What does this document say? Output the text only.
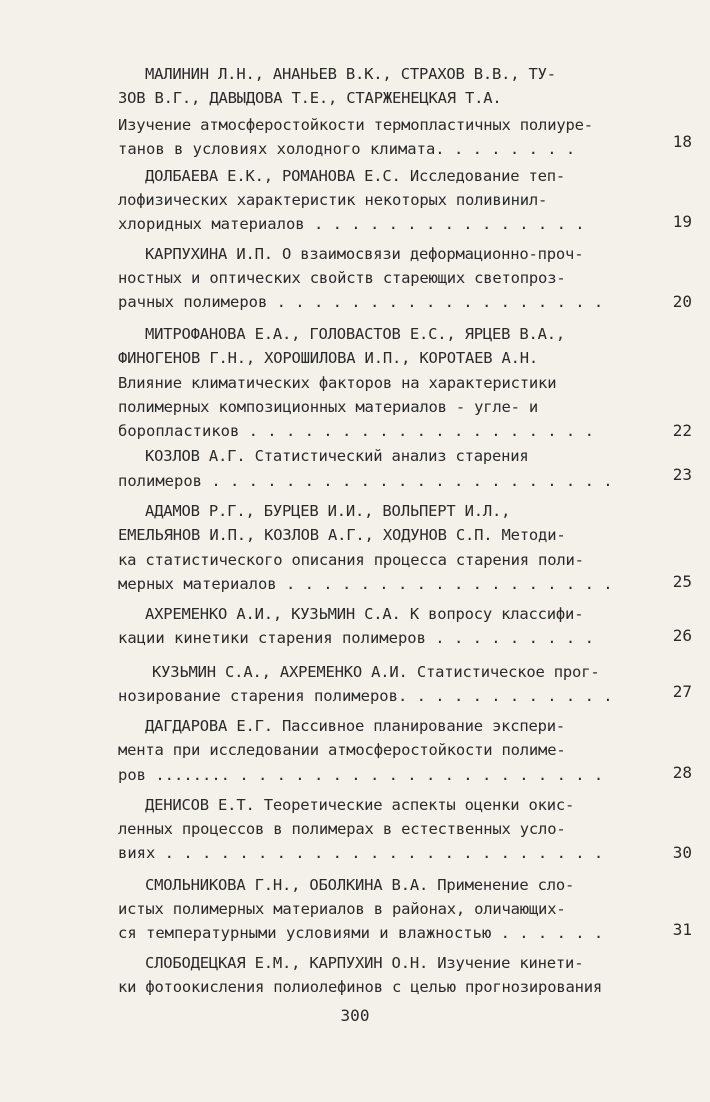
МАЛИНИН Л.Н., АНАНЬЕВ В.К., СТРАХОВ В.В., ТУ-
ЗОВ В.Г., ДАВЫДОВА Т.Е., СТАРЖЕНЕЦКАЯ Т.А.
Изучение атмосферостойкости термопластичных полиуре-
танов в условиях холодного климата. . . . . . . .	18
ДОЛБАЕВА Е.К., РОМАНОВА Е.С. Исследование теп-
лофизических характеристик некоторых поливинил-
хлоридных материалов . . . . . . . . . . . . . . .	19
КАРПУХИНА И.П. О взаимосвязи деформационно-проч-
ностных и оптических свойств стареющих светопроз-
рачных полимеров . . . . . . . . . . . . . . . . . .	20
МИТРОФАНОВА Е.А., ГОЛОВАСТОВ Е.С., ЯРЦЕВ В.А.,
ФИНОГЕНОВ Г.Н., ХОРОШИЛОВА И.П., КОРОТАЕВ А.Н.
Влияние климатических факторов на характеристики
полимерных композиционных материалов - угле- и
боропластиков . . . . . . . . . . . . . . . . . . .	22
КОЗЛОВ А.Г. Статистический анализ старения
полимеров . . . . . . . . . . . . . . . . . . . . . .	23
АДАМОВ Р.Г., БУРЦЕВ И.И., ВОЛЬПЕРТ И.Л.,
ЕМЕЛЬЯНОВ И.П., КОЗЛОВ А.Г., ХОДУНОВ С.П. Методи-
ка статистического описания процесса старения поли-
мерных материалов . . . . . . . . . . . . . . . . . .	25
АХРЕМЕНКО А.И., КУЗЬМИН С.А. К вопросу классифи-
кации кинетики старения полимеров . . . . . . . . .	26
КУЗЬМИН С.А., АХРЕМЕНКО А.И. Статистическое прог-
нозирование старения полимеров. . . . . . . . . . . .	27
ДАГДАРОВА Е.Г. Пассивное планирование экспери-
мента при исследовании атмосферостойкости полиме-
ров ........ . . . . . . . . . . . . . . . . . . . .	28
ДЕНИСОВ Е.Т. Теоретические аспекты оценки окис-
ленных процессов в полимерах в естественных усло-
виях . . . . . . . . . . . . . . . . . . . . . . . .	30
СМОЛЬНИКОВА Г.Н., ОБОЛКИНА В.А. Применение сло-
истых полимерных материалов в районах, оличающих-
ся температурными условиями и влажностью . . . . . .	31
СЛОБОДЕЦКАЯ Е.М., КАРПУХИН О.Н. Изучение кинети-
ки фотоокисления полиолефинов с целью прогнозирования
300
